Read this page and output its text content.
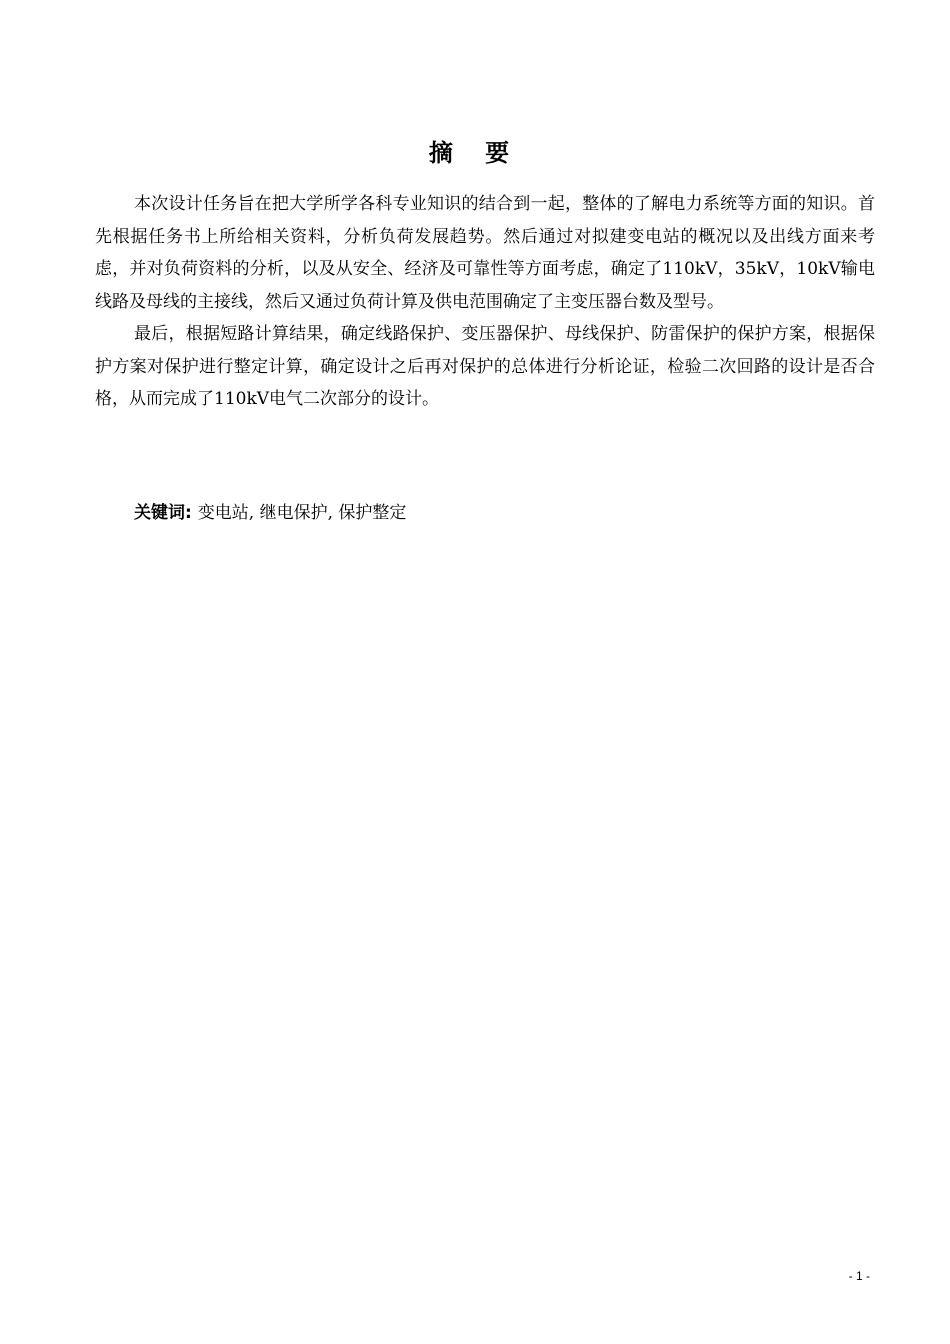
摘 要

本次设计任务旨在把大学所学各科专业知识的结合到一起，整体的了解电力系统等方面的知识。首先根据任务书上所给相关资料，分析负荷发展趋势。然后通过对拟建变电站的概况以及出线方面来考虑，并对负荷资料的分析，以及从安全、经济及可靠性等方面考虑，确定了110kV，35kV，10kV输电线路及母线的主接线，然后又通过负荷计算及供电范围确定了主变压器台数及型号。

最后，根据短路计算结果，确定线路保护、变压器保护、母线保护、防雷保护的保护方案，根据保护方案对保护进行整定计算，确定设计之后再对保护的总体进行分析论证，检验二次回路的设计是否合格，从而完成了110kV电气二次部分的设计。

关键词: 变电站, 继电保护, 保护整定
- 1 -
